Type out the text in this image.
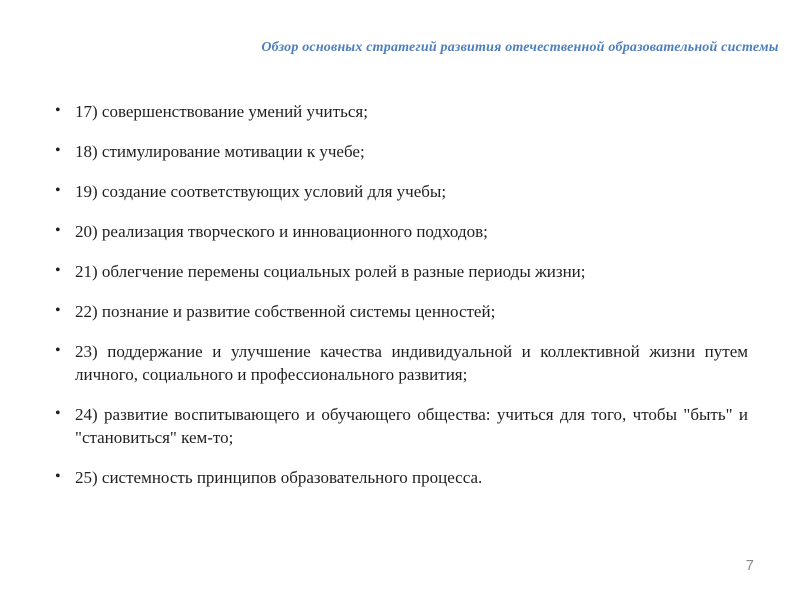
Обзор основных стратегий развития отечественной образовательной системы
• 17) совершенствование умений учиться;
• 18) стимулирование мотивации к учебе;
• 19) создание соответствующих условий для учебы;
• 20) реализация творческого и инновационного подходов;
• 21) облегчение перемены социальных ролей в разные периоды жизни;
• 22) познание и развитие собственной системы ценностей;
• 23) поддержание и улучшение качества индивидуальной и коллективной жизни путем личного, социального и профессионального развития;
• 24) развитие воспитывающего и обучающего общества: учиться для того, чтобы "быть" и "становиться" кем-то;
• 25) системность принципов образовательного процесса.
7
